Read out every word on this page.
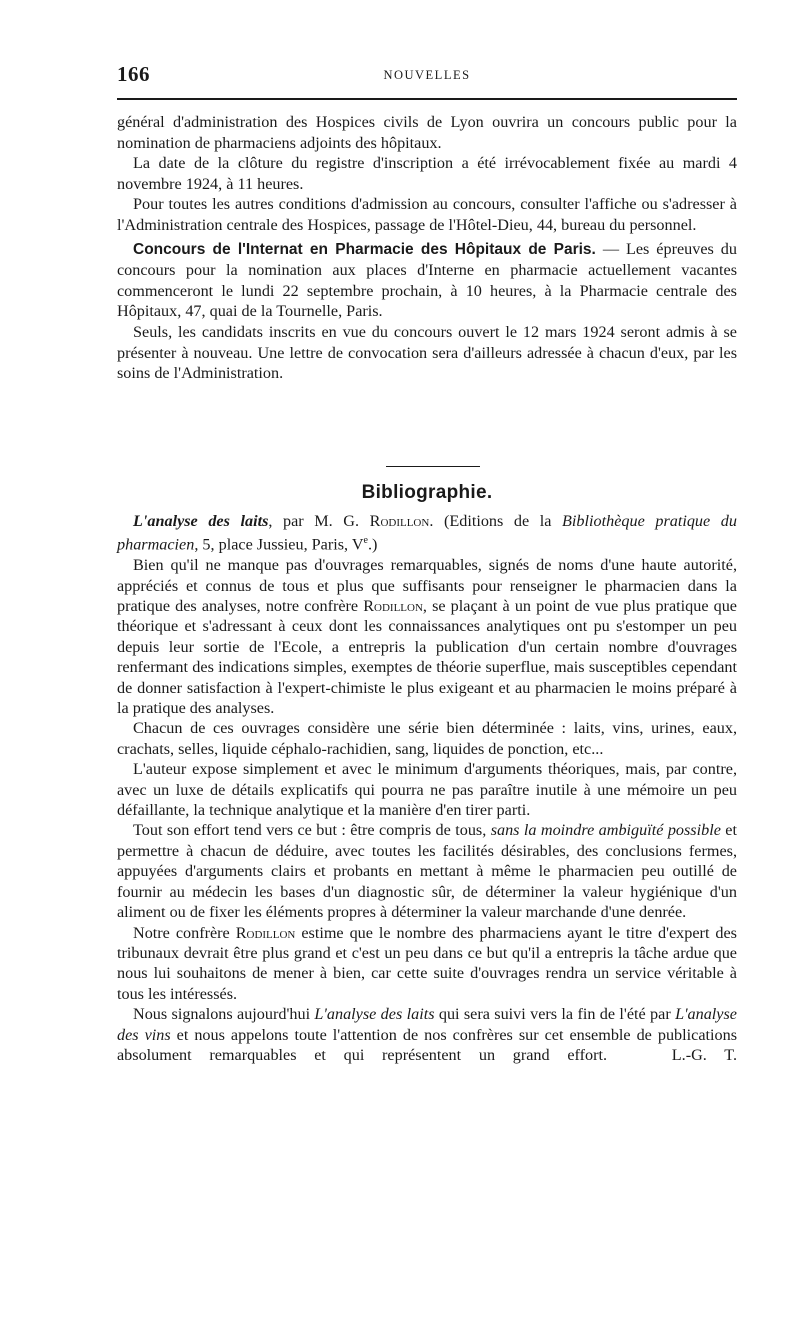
166	NOUVELLES

général d'administration des Hospices civils de Lyon ouvrira un concours public pour la nomination de pharmaciens adjoints des hôpitaux.

La date de la clôture du registre d'inscription a été irrévocablement fixée au mardi 4 novembre 1924, à 11 heures.

Pour toutes les autres conditions d'admission au concours, consulter l'affiche ou s'adresser à l'Administration centrale des Hospices, passage de l'Hôtel-Dieu, 44, bureau du personnel.

Concours de l'Internat en Pharmacie des Hôpitaux de Paris. — Les épreuves du concours pour la nomination aux places d'Interne en pharmacie actuellement vacantes commenceront le lundi 22 septembre prochain, à 10 heures, à la Pharmacie centrale des Hôpitaux, 47, quai de la Tournelle, Paris.

Seuls, les candidats inscrits en vue du concours ouvert le 12 mars 1924 seront admis à se présenter à nouveau. Une lettre de convocation sera d'ailleurs adressée à chacun d'eux, par les soins de l'Administration.

Bibliographie.

L'analyse des laits, par M. G. Rodillon. (Editions de la Bibliothèque pratique du pharmacien, 5, place Jussieu, Paris, Ve.)

Bien qu'il ne manque pas d'ouvrages remarquables, signés de noms d'une haute autorité, appréciés et connus de tous et plus que suffisants pour renseigner le pharmacien dans la pratique des analyses, notre confrère Rodillon, se plaçant à un point de vue plus pratique que théorique et s'adressant à ceux dont les connaissances analytiques ont pu s'estomper un peu depuis leur sortie de l'Ecole, a entrepris la publication d'un certain nombre d'ouvrages renfermant des indications simples, exemptes de théorie superflue, mais susceptibles cependant de donner satisfaction à l'expert-chimiste le plus exigeant et au pharmacien le moins préparé à la pratique des analyses.

Chacun de ces ouvrages considère une série bien déterminée : laits, vins, urines, eaux, crachats, selles, liquide céphalo-rachidien, sang, liquides de ponction, etc...

L'auteur expose simplement et avec le minimum d'arguments théoriques, mais, par contre, avec un luxe de détails explicatifs qui pourra ne pas paraître inutile à une mémoire un peu défaillante, la technique analytique et la manière d'en tirer parti.

Tout son effort tend vers ce but : être compris de tous, sans la moindre ambiguïté possible et permettre à chacun de déduire, avec toutes les facilités désirables, des conclusions fermes, appuyées d'arguments clairs et probants en mettant à même le pharmacien peu outillé de fournir au médecin les bases d'un diagnostic sûr, de déterminer la valeur hygiénique d'un aliment ou de fixer les éléments propres à déterminer la valeur marchande d'une denrée.

Notre confrère Rodillon estime que le nombre des pharmaciens ayant le titre d'expert des tribunaux devrait être plus grand et c'est un peu dans ce but qu'il a entrepris la tâche ardue que nous lui souhaitons de mener à bien, car cette suite d'ouvrages rendra un service véritable à tous les intéressés.

Nous signalons aujourd'hui L'analyse des laits qui sera suivi vers la fin de l'été par L'analyse des vins et nous appelons toute l'attention de nos confrères sur cet ensemble de publications absolument remarquables et qui représentent un grand effort.    	L.-G. T.
